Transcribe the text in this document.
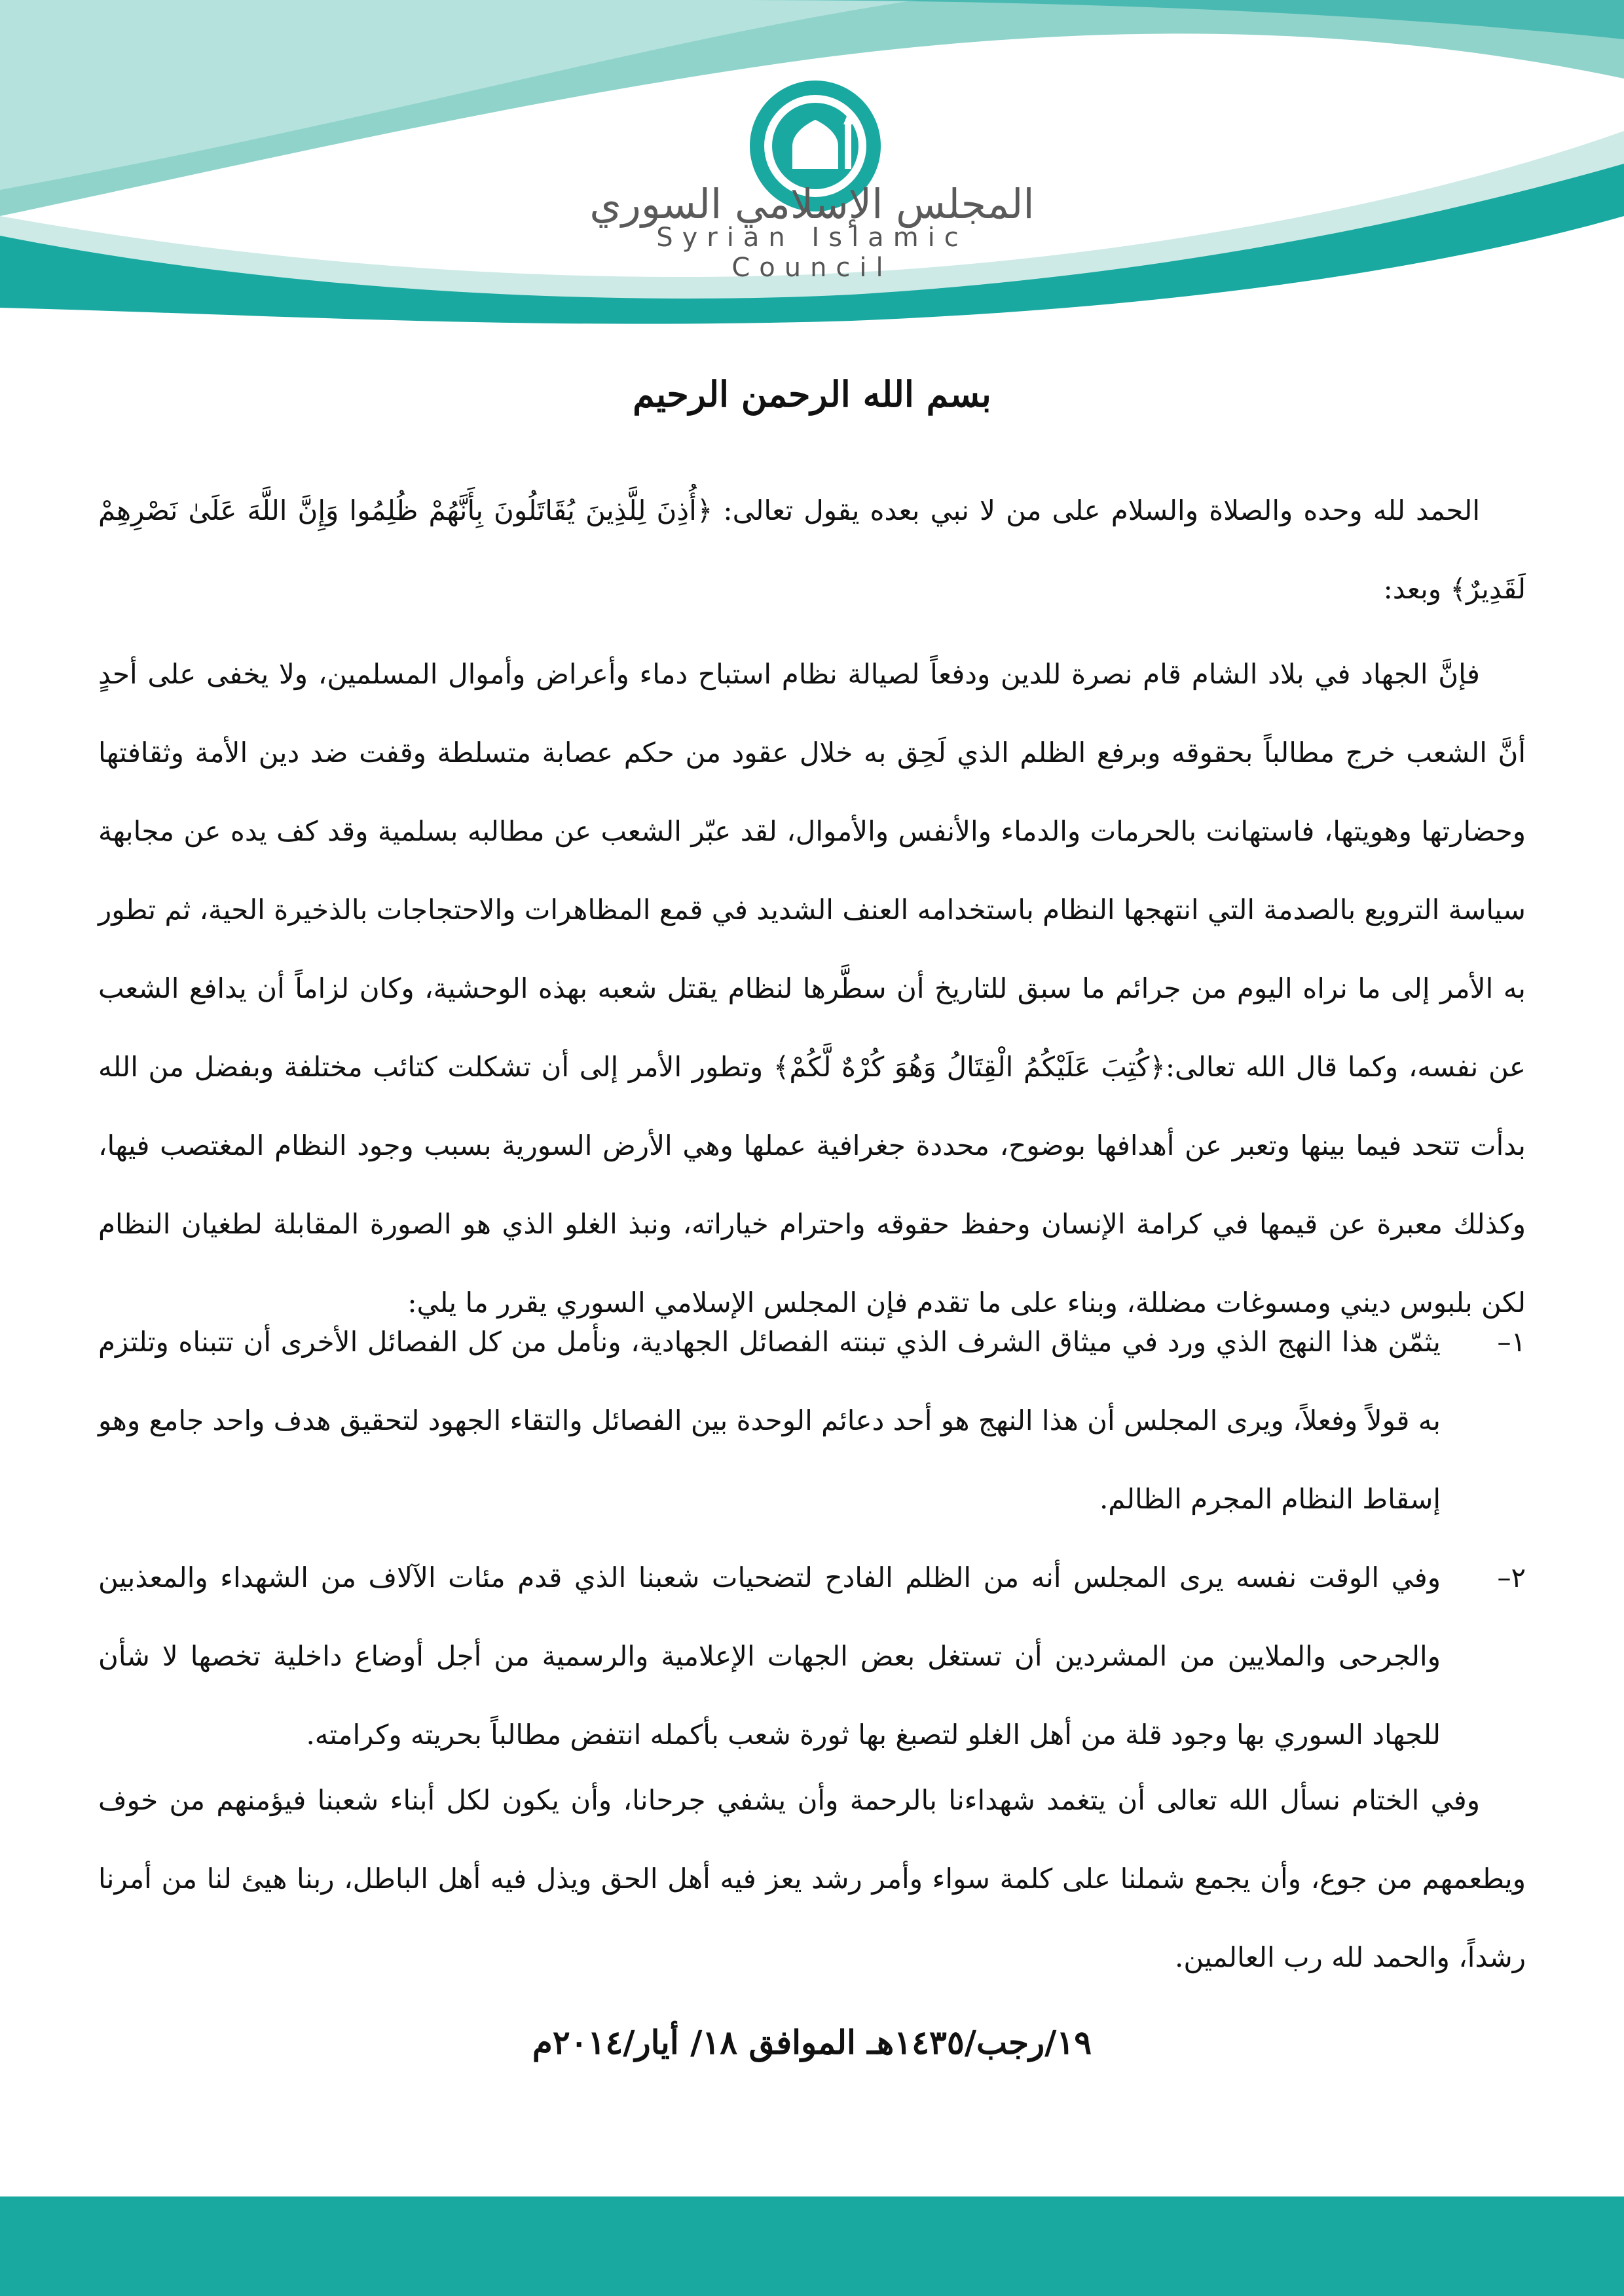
المجلس الإسلامي السوري
Syrian Islamic Council
بسم الله الرحمن الرحيم

الحمد لله وحده والصلاة والسلام على من لا نبي بعده يقول تعالى: ﴿أُذِنَ لِلَّذِينَ يُقَاتَلُونَ بِأَنَّهُمْ ظُلِمُوا وَإِنَّ اللَّهَ عَلَىٰ نَصْرِهِمْ لَقَدِيرٌ﴾ وبعد:

فإنَّ الجهاد في بلاد الشام قام نصرة للدين ودفعاً لصيالة نظام استباح دماء وأعراض وأموال المسلمين، ولا يخفى على أحدٍ أنَّ الشعب خرج مطالباً بحقوقه وبرفع الظلم الذي لَحِق به خلال عقود من حكم عصابة متسلطة وقفت ضد دين الأمة وثقافتها وحضارتها وهويتها، فاستهانت بالحرمات والدماء والأنفس والأموال، لقد عبّر الشعب عن مطالبه بسلمية وقد كف يده عن مجابهة سياسة الترويع بالصدمة التي انتهجها النظام باستخدامه العنف الشديد في قمع المظاهرات والاحتجاجات بالذخيرة الحية، ثم تطور به الأمر إلى ما نراه اليوم من جرائم ما سبق للتاريخ أن سطَّرها لنظام يقتل شعبه بهذه الوحشية، وكان لزاماً أن يدافع الشعب عن نفسه، وكما قال الله تعالى:﴿كُتِبَ عَلَيْكُمُ الْقِتَالُ وَهُوَ كُرْهٌ لَّكُمْ﴾ وتطور الأمر إلى أن تشكلت كتائب مختلفة وبفضل من الله بدأت تتحد فيما بينها وتعبر عن أهدافها بوضوح، محددة جغرافية عملها وهي الأرض السورية بسبب وجود النظام المغتصب فيها، وكذلك معبرة عن قيمها في كرامة الإنسان وحفظ حقوقه واحترام خياراته، ونبذ الغلو الذي هو الصورة المقابلة لطغيان النظام لكن بلبوس ديني ومسوغات مضللة، وبناء على ما تقدم فإن المجلس الإسلامي السوري يقرر ما يلي:

١–
يثمّن هذا النهج الذي ورد في ميثاق الشرف الذي تبنته الفصائل الجهادية، ونأمل من كل الفصائل الأخرى أن تتبناه وتلتزم به قولاً وفعلاً، ويرى المجلس أن هذا النهج هو أحد دعائم الوحدة بين الفصائل والتقاء الجهود لتحقيق هدف واحد جامع وهو إسقاط النظام المجرم الظالم.
٢–
وفي الوقت نفسه يرى المجلس أنه من الظلم الفادح لتضحيات شعبنا الذي قدم مئات الآلاف من الشهداء والمعذبين والجرحى والملايين من المشردين أن تستغل بعض الجهات الإعلامية والرسمية من أجل أوضاع داخلية تخصها لا شأن للجهاد السوري بها وجود قلة من أهل الغلو لتصبغ بها ثورة شعب بأكمله انتفض مطالباً بحريته وكرامته.

وفي الختام نسأل الله تعالى أن يتغمد شهداءنا بالرحمة وأن يشفي جرحانا، وأن يكون لكل أبناء شعبنا فيؤمنهم من خوف ويطعمهم من جوع، وأن يجمع شملنا على كلمة سواء وأمر رشد يعز فيه أهل الحق ويذل فيه أهل الباطل، ربنا هيئ لنا من أمرنا رشداً، والحمد لله رب العالمين.

١٩/رجب/١٤٣٥هـ الموافق ١٨/ أيار/٢٠١٤م
